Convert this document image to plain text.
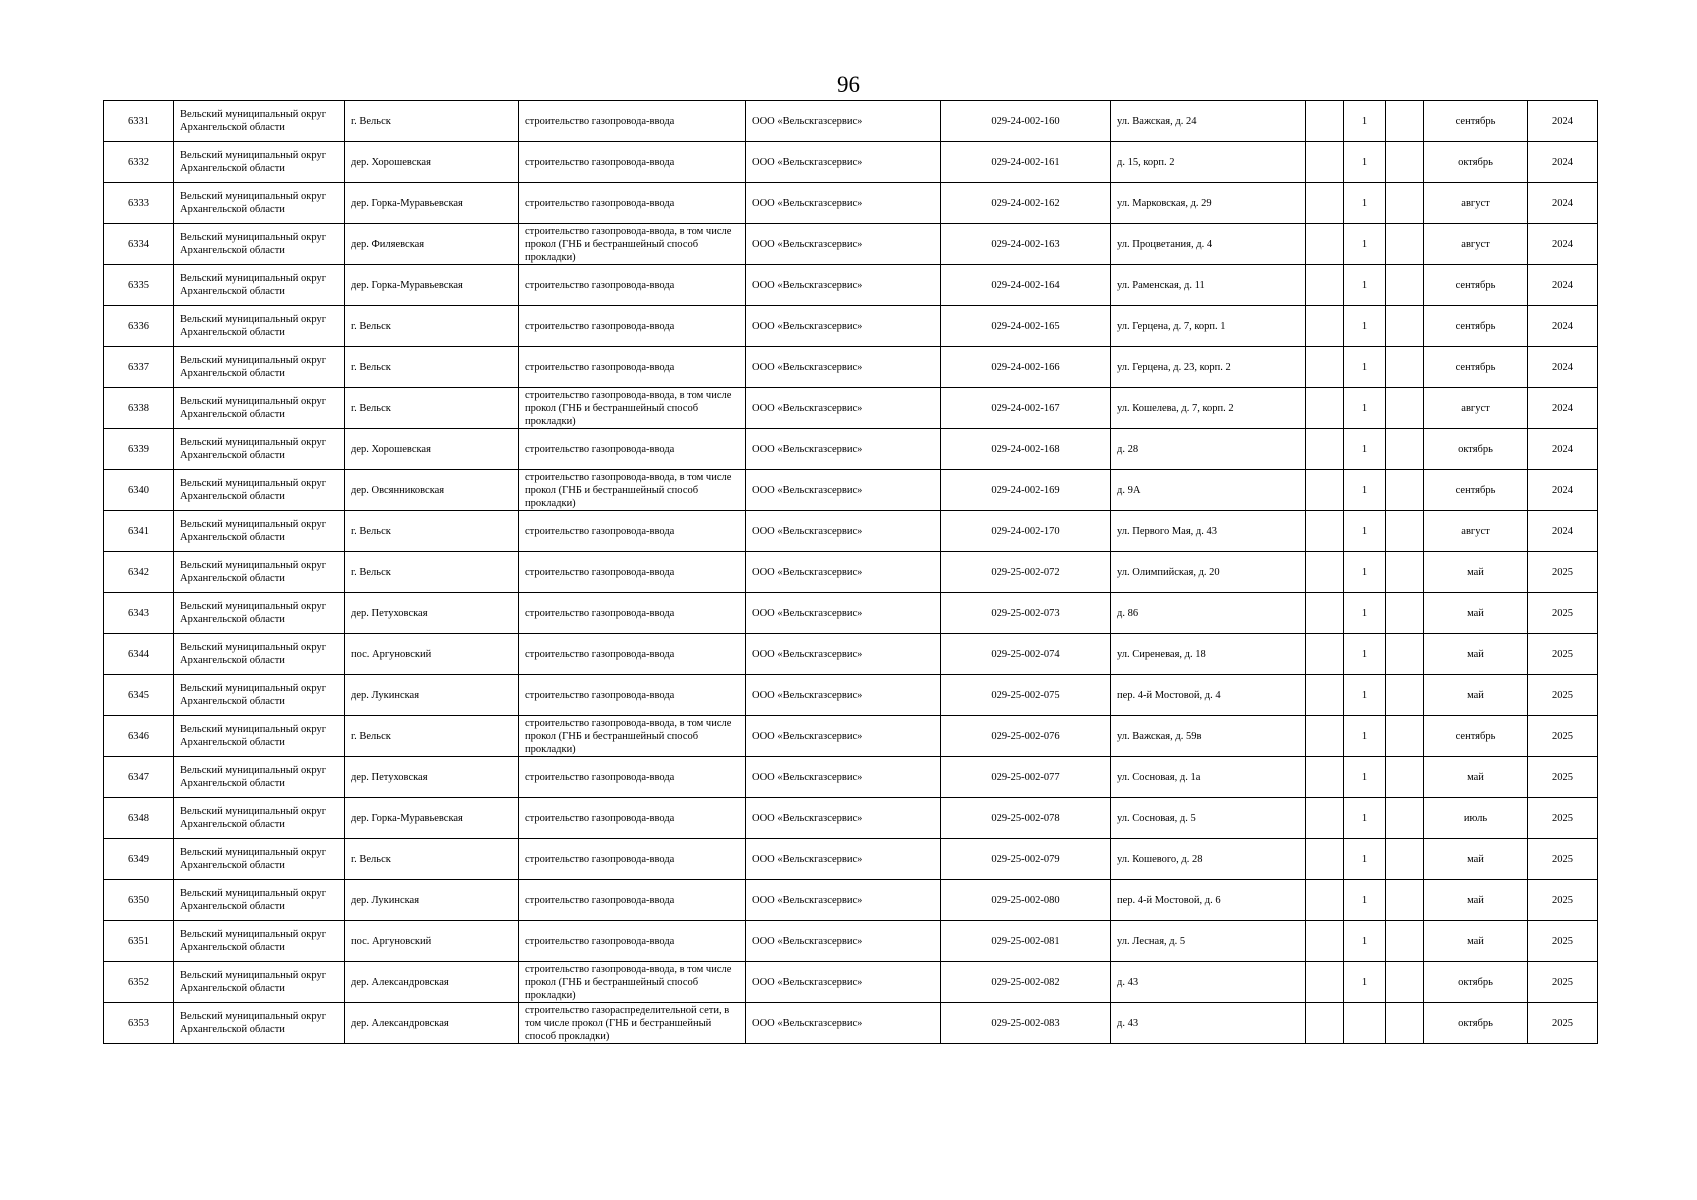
96
6331	Вельский муниципальный округ Архангельской области	г. Вельск	строительство газопровода-ввода	ООО «Вельскгазсервис»	029-24-002-160	ул. Важская, д. 24		1		сентябрь	2024
6332	Вельский муниципальный округ Архангельской области	дер. Хорошевская	строительство газопровода-ввода	ООО «Вельскгазсервис»	029-24-002-161	д. 15, корп. 2		1		октябрь	2024
6333	Вельский муниципальный округ Архангельской области	дер. Горка-Муравьевская	строительство газопровода-ввода	ООО «Вельскгазсервис»	029-24-002-162	ул. Марковская, д. 29		1		август	2024
6334	Вельский муниципальный округ Архангельской области	дер. Филяевская	строительство газопровода-ввода, в том числе прокол (ГНБ и бестраншейный способ прокладки)	ООО «Вельскгазсервис»	029-24-002-163	ул. Процветания, д. 4		1		август	2024
6335	Вельский муниципальный округ Архангельской области	дер. Горка-Муравьевская	строительство газопровода-ввода	ООО «Вельскгазсервис»	029-24-002-164	ул. Раменская, д. 11		1		сентябрь	2024
6336	Вельский муниципальный округ Архангельской области	г. Вельск	строительство газопровода-ввода	ООО «Вельскгазсервис»	029-24-002-165	ул. Герцена, д. 7, корп. 1		1		сентябрь	2024
6337	Вельский муниципальный округ Архангельской области	г. Вельск	строительство газопровода-ввода	ООО «Вельскгазсервис»	029-24-002-166	ул. Герцена, д. 23, корп. 2		1		сентябрь	2024
6338	Вельский муниципальный округ Архангельской области	г. Вельск	строительство газопровода-ввода, в том числе прокол (ГНБ и бестраншейный способ прокладки)	ООО «Вельскгазсервис»	029-24-002-167	ул. Кошелева, д. 7, корп. 2		1		август	2024
6339	Вельский муниципальный округ Архангельской области	дер. Хорошевская	строительство газопровода-ввода	ООО «Вельскгазсервис»	029-24-002-168	д. 28		1		октябрь	2024
6340	Вельский муниципальный округ Архангельской области	дер. Овсянниковская	строительство газопровода-ввода, в том числе прокол (ГНБ и бестраншейный способ прокладки)	ООО «Вельскгазсервис»	029-24-002-169	д. 9А		1		сентябрь	2024
6341	Вельский муниципальный округ Архангельской области	г. Вельск	строительство газопровода-ввода	ООО «Вельскгазсервис»	029-24-002-170	ул. Первого Мая, д. 43		1		август	2024
6342	Вельский муниципальный округ Архангельской области	г. Вельск	строительство газопровода-ввода	ООО «Вельскгазсервис»	029-25-002-072	ул. Олимпийская, д. 20		1		май	2025
6343	Вельский муниципальный округ Архангельской области	дер. Петуховская	строительство газопровода-ввода	ООО «Вельскгазсервис»	029-25-002-073	д. 86		1		май	2025
6344	Вельский муниципальный округ Архангельской области	пос. Аргуновский	строительство газопровода-ввода	ООО «Вельскгазсервис»	029-25-002-074	ул. Сиреневая, д. 18		1		май	2025
6345	Вельский муниципальный округ Архангельской области	дер. Лукинская	строительство газопровода-ввода	ООО «Вельскгазсервис»	029-25-002-075	пер. 4-й Мостовой, д. 4		1		май	2025
6346	Вельский муниципальный округ Архангельской области	г. Вельск	строительство газопровода-ввода, в том числе прокол (ГНБ и бестраншейный способ прокладки)	ООО «Вельскгазсервис»	029-25-002-076	ул. Важская, д. 59в		1		сентябрь	2025
6347	Вельский муниципальный округ Архангельской области	дер. Петуховская	строительство газопровода-ввода	ООО «Вельскгазсервис»	029-25-002-077	ул. Сосновая, д. 1а		1		май	2025
6348	Вельский муниципальный округ Архангельской области	дер. Горка-Муравьевская	строительство газопровода-ввода	ООО «Вельскгазсервис»	029-25-002-078	ул. Сосновая, д. 5		1		июль	2025
6349	Вельский муниципальный округ Архангельской области	г. Вельск	строительство газопровода-ввода	ООО «Вельскгазсервис»	029-25-002-079	ул. Кошевого, д. 28		1		май	2025
6350	Вельский муниципальный округ Архангельской области	дер. Лукинская	строительство газопровода-ввода	ООО «Вельскгазсервис»	029-25-002-080	пер. 4-й Мостовой, д. 6		1		май	2025
6351	Вельский муниципальный округ Архангельской области	пос. Аргуновский	строительство газопровода-ввода	ООО «Вельскгазсервис»	029-25-002-081	ул. Лесная, д. 5		1		май	2025
6352	Вельский муниципальный округ Архангельской области	дер. Александровская	строительство газопровода-ввода, в том числе прокол (ГНБ и бестраншейный способ прокладки)	ООО «Вельскгазсервис»	029-25-002-082	д. 43		1		октябрь	2025
6353	Вельский муниципальный округ Архангельской области	дер. Александровская	строительство газораспределительной сети, в том числе прокол (ГНБ и бестраншейный способ прокладки)	ООО «Вельскгазсервис»	029-25-002-083	д. 43				октябрь	2025
